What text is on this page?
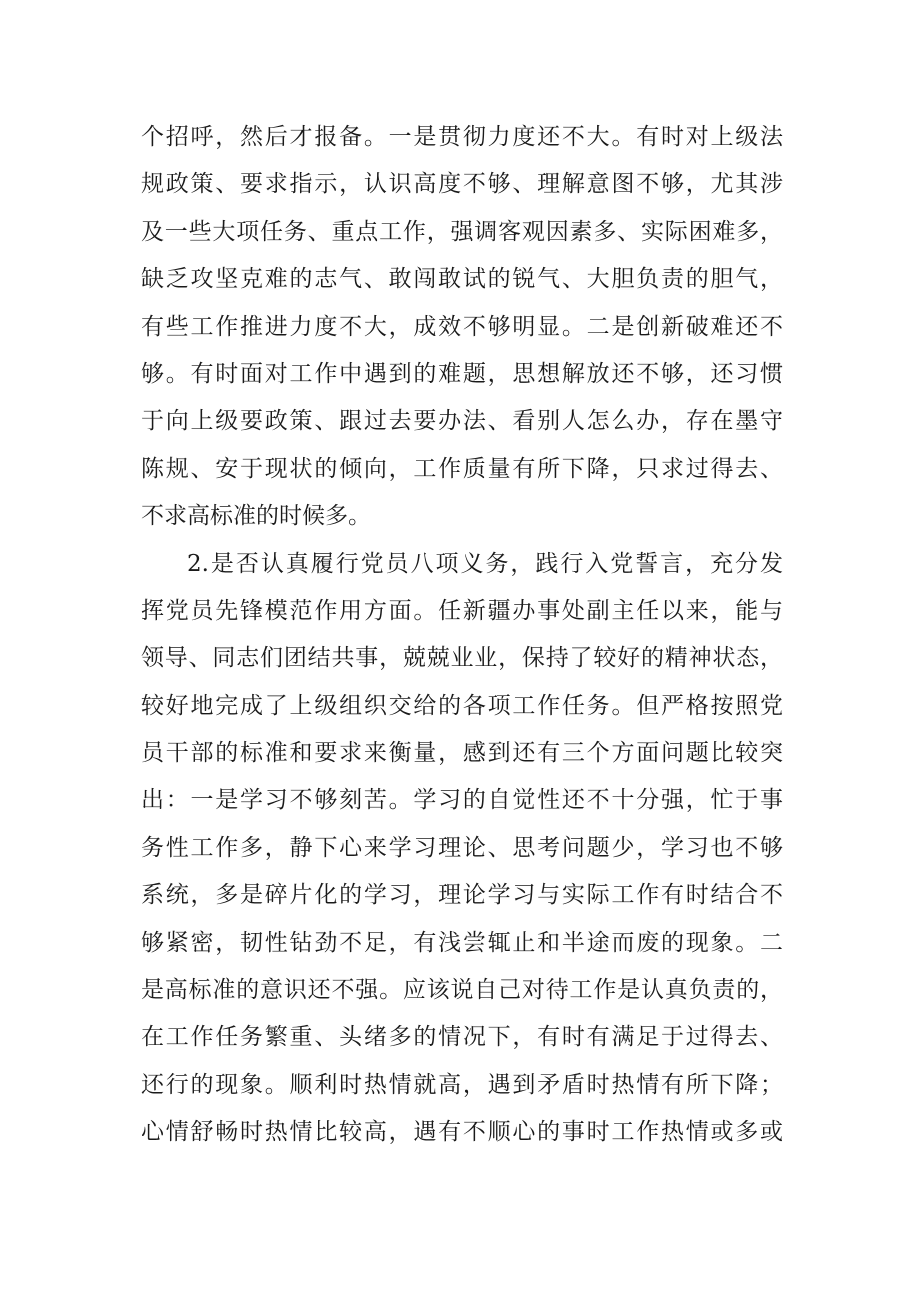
个招呼，然后才报备。一是贯彻力度还不大。有时对上级法
规政策、要求指示，认识高度不够、理解意图不够，尤其涉
及一些大项任务、重点工作，强调客观因素多、实际困难多，
缺乏攻坚克难的志气、敢闯敢试的锐气、大胆负责的胆气，
有些工作推进力度不大，成效不够明显。二是创新破难还不
够。有时面对工作中遇到的难题，思想解放还不够，还习惯
于向上级要政策、跟过去要办法、看别人怎么办，存在墨守
陈规、安于现状的倾向，工作质量有所下降，只求过得去、
不求高标准的时候多。
2.是否认真履行党员八项义务，践行入党誓言，充分发
挥党员先锋模范作用方面。任新疆办事处副主任以来，能与
领导、同志们团结共事，兢兢业业，保持了较好的精神状态，
较好地完成了上级组织交给的各项工作任务。但严格按照党
员干部的标准和要求来衡量，感到还有三个方面问题比较突
出：一是学习不够刻苦。学习的自觉性还不十分强，忙于事
务性工作多，静下心来学习理论、思考问题少，学习也不够
系统，多是碎片化的学习，理论学习与实际工作有时结合不
够紧密，韧性钻劲不足，有浅尝辄止和半途而废的现象。二
是高标准的意识还不强。应该说自己对待工作是认真负责的，
在工作任务繁重、头绪多的情况下，有时有满足于过得去、
还行的现象。顺利时热情就高，遇到矛盾时热情有所下降；
心情舒畅时热情比较高，遇有不顺心的事时工作热情或多或
